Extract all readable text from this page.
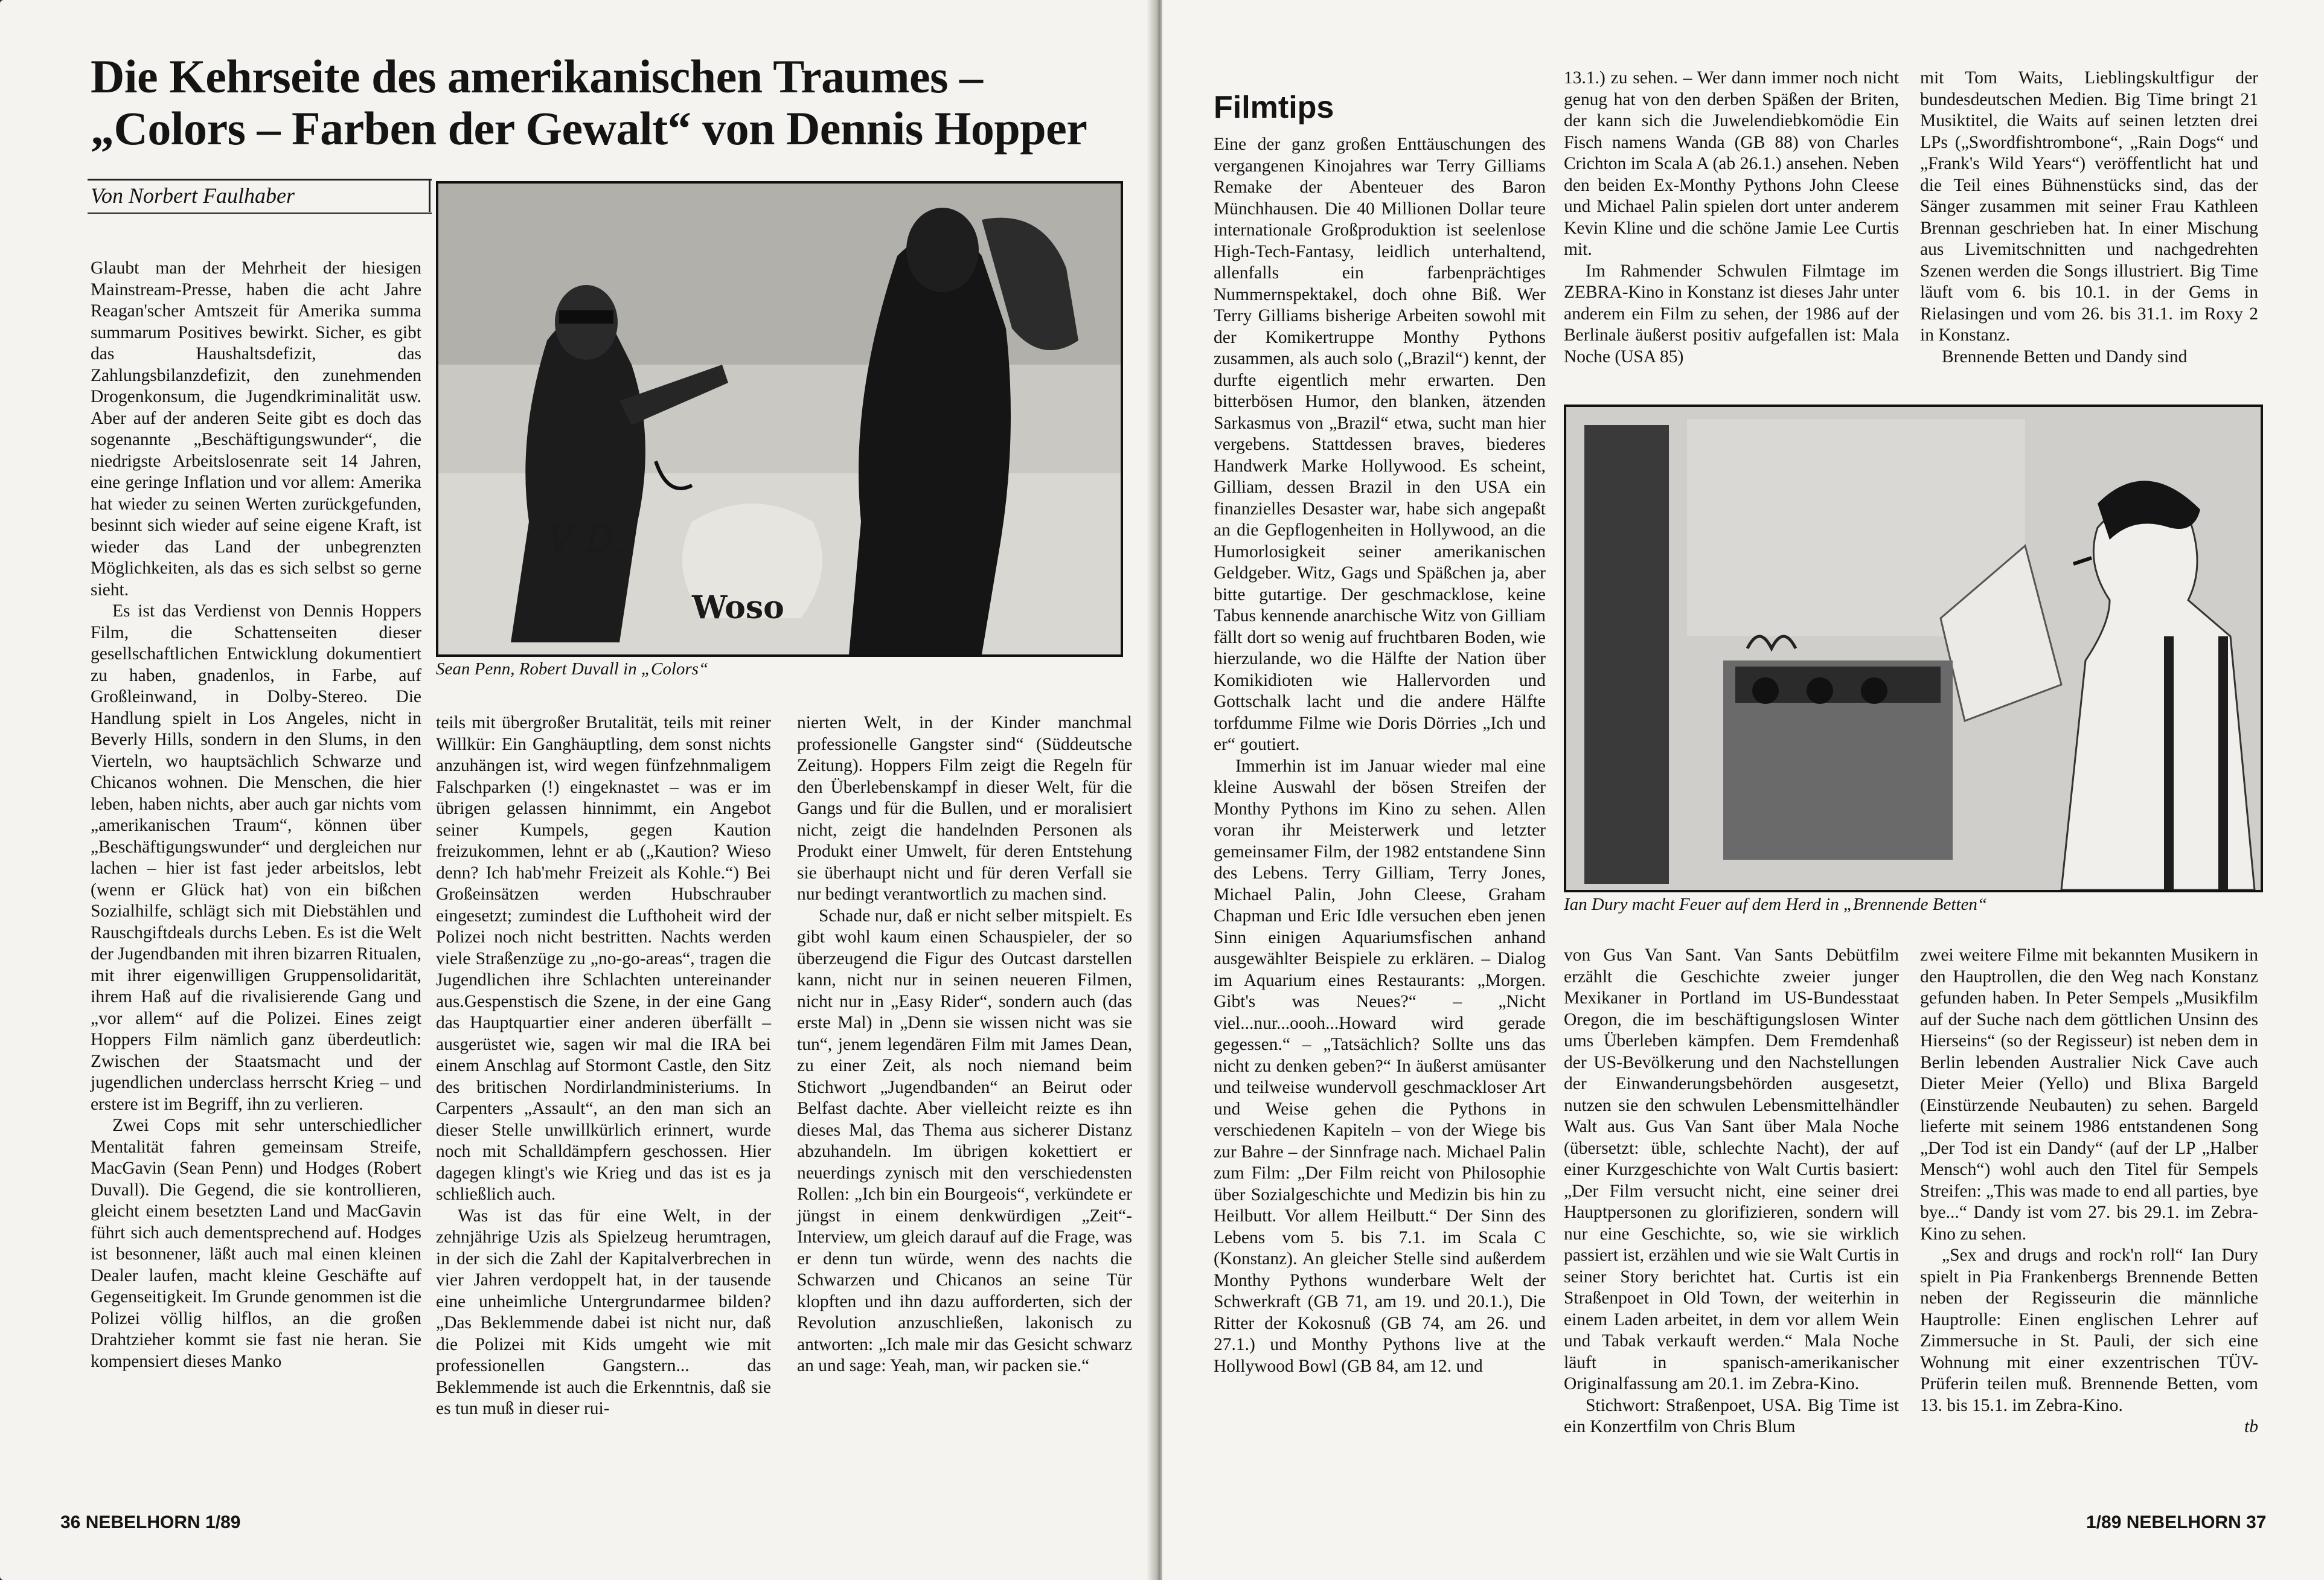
Die Kehrseite des amerikanischen Traumes –
„Colors – Farben der Gewalt“ von Dennis Hopper

Von Norbert Faulhaber

V D,
Woso
Sean Penn, Robert Duvall in „Colors“

Glaubt man der Mehrheit der hiesigen Mainstream-Presse, haben die acht Jahre Reagan'scher Amtszeit für Amerika summa summarum Positives bewirkt. Sicher, es gibt das Haushaltsdefizit, das Zahlungsbilanzdefizit, den zunehmenden Drogenkonsum, die Jugendkriminalität usw. Aber auf der anderen Seite gibt es doch das sogenannte „Beschäftigungswunder“, die niedrigste Arbeitslosenrate seit 14 Jahren, eine geringe Inflation und vor allem: Amerika hat wieder zu seinen Werten zurückgefunden, besinnt sich wieder auf seine eigene Kraft, ist wieder das Land der unbegrenzten Möglichkeiten, als das es sich selbst so gerne sieht.

Es ist das Verdienst von Dennis Hoppers Film, die Schattenseiten dieser gesellschaftlichen Entwicklung dokumentiert zu haben, gnadenlos, in Farbe, auf Großleinwand, in Dolby-Stereo. Die Handlung spielt in Los Angeles, nicht in Beverly Hills, sondern in den Slums, in den Vierteln, wo hauptsächlich Schwarze und Chicanos wohnen. Die Menschen, die hier leben, haben nichts, aber auch gar nichts vom „amerikanischen Traum“, können über „Beschäftigungswunder“ und dergleichen nur lachen – hier ist fast jeder arbeitslos, lebt (wenn er Glück hat) von ein bißchen Sozialhilfe, schlägt sich mit Diebstählen und Rauschgiftdeals durchs Leben. Es ist die Welt der Jugendbanden mit ihren bizarren Ritualen, mit ihrer eigenwilligen Gruppensolidarität, ihrem Haß auf die rivalisierende Gang und „vor allem“ auf die Polizei. Eines zeigt Hoppers Film nämlich ganz überdeutlich: Zwischen der Staatsmacht und der jugendlichen underclass herrscht Krieg – und erstere ist im Begriff, ihn zu verlieren.

Zwei Cops mit sehr unterschiedlicher Mentalität fahren gemeinsam Streife, MacGavin (Sean Penn) und Hodges (Robert Duvall). Die Gegend, die sie kontrollieren, gleicht einem besetzten Land und MacGavin führt sich auch dementsprechend auf. Hodges ist besonnener, läßt auch mal einen kleinen Dealer laufen, macht kleine Geschäfte auf Gegenseitigkeit. Im Grunde genommen ist die Polizei völlig hilflos, an die großen Drahtzieher kommt sie fast nie heran. Sie kompensiert dieses Manko

teils mit übergroßer Brutalität, teils mit reiner Willkür: Ein Ganghäuptling, dem sonst nichts anzuhängen ist, wird wegen fünfzehnmaligem Falschparken (!) eingeknastet – was er im übrigen gelassen hinnimmt, ein Angebot seiner Kumpels, gegen Kaution freizukommen, lehnt er ab („Kaution? Wieso denn? Ich hab'mehr Freizeit als Kohle.“) Bei Großeinsätzen werden Hubschrauber eingesetzt; zumindest die Lufthoheit wird der Polizei noch nicht bestritten. Nachts werden viele Straßenzüge zu „no-go-areas“, tragen die Jugendlichen ihre Schlachten untereinander aus.Gespenstisch die Szene, in der eine Gang das Hauptquartier einer anderen überfällt – ausgerüstet wie, sagen wir mal die IRA bei einem Anschlag auf Stormont Castle, den Sitz des britischen Nordirlandministeriums. In Carpenters „Assault“, an den man sich an dieser Stelle unwillkürlich erinnert, wurde noch mit Schalldämpfern geschossen. Hier dagegen klingt's wie Krieg und das ist es ja schließlich auch.

Was ist das für eine Welt, in der zehnjährige Uzis als Spielzeug herumtragen, in der sich die Zahl der Kapitalverbrechen in vier Jahren verdoppelt hat, in der tausende eine unheimliche Untergrundarmee bilden? „Das Beklemmende dabei ist nicht nur, daß die Polizei mit Kids umgeht wie mit professionellen Gangstern... das Beklemmende ist auch die Erkenntnis, daß sie es tun muß in dieser rui-

nierten Welt, in der Kinder manchmal professionelle Gangster sind“ (Süddeutsche Zeitung). Hoppers Film zeigt die Regeln für den Überlebenskampf in dieser Welt, für die Gangs und für die Bullen, und er moralisiert nicht, zeigt die handelnden Personen als Produkt einer Umwelt, für deren Entstehung sie überhaupt nicht und für deren Verfall sie nur bedingt verantwortlich zu machen sind.

Schade nur, daß er nicht selber mitspielt. Es gibt wohl kaum einen Schauspieler, der so überzeugend die Figur des Outcast darstellen kann, nicht nur in seinen neueren Filmen, nicht nur in „Easy Rider“, sondern auch (das erste Mal) in „Denn sie wissen nicht was sie tun“, jenem legendären Film mit James Dean, zu einer Zeit, als noch niemand beim Stichwort „Jugendbanden“ an Beirut oder Belfast dachte. Aber vielleicht reizte es ihn dieses Mal, das Thema aus sicherer Distanz abzuhandeln. Im übrigen kokettiert er neuerdings zynisch mit den verschiedensten Rollen: „Ich bin ein Bourgeois“, verkündete er jüngst in einem denkwürdigen „Zeit“-Interview, um gleich darauf auf die Frage, was er denn tun würde, wenn des nachts die Schwarzen und Chicanos an seine Tür klopften und ihn dazu aufforderten, sich der Revolution anzuschließen, lakonisch zu antworten: „Ich male mir das Gesicht schwarz an und sage: Yeah, man, wir packen sie.“

36 NEBELHORN 1/89
Filmtips

Eine der ganz großen Enttäuschungen des vergangenen Kinojahres war Terry Gilliams Remake der Abenteuer des Baron Münchhausen. Die 40 Millionen Dollar teure internationale Großproduktion ist seelenlose High-Tech-Fantasy, leidlich unterhaltend, allenfalls ein farbenprächtiges Nummernspektakel, doch ohne Biß. Wer Terry Gilliams bisherige Arbeiten sowohl mit der Komikertruppe Monthy Pythons zusammen, als auch solo („Brazil“) kennt, der durfte eigentlich mehr erwarten. Den bitterbösen Humor, den blanken, ätzenden Sarkasmus von „Brazil“ etwa, sucht man hier vergebens. Stattdessen braves, biederes Handwerk Marke Hollywood. Es scheint, Gilliam, dessen Brazil in den USA ein finanzielles Desaster war, habe sich angepaßt an die Gepflogenheiten in Hollywood, an die Humorlosigkeit seiner amerikanischen Geldgeber. Witz, Gags und Späßchen ja, aber bitte gutartige. Der geschmacklose, keine Tabus kennende anarchische Witz von Gilliam fällt dort so wenig auf fruchtbaren Boden, wie hierzulande, wo die Hälfte der Nation über Komikidioten wie Hallervorden und Gottschalk lacht und die andere Hälfte torfdumme Filme wie Doris Dörries „Ich und er“ goutiert.

Immerhin ist im Januar wieder mal eine kleine Auswahl der bösen Streifen der Monthy Pythons im Kino zu sehen. Allen voran ihr Meisterwerk und letzter gemeinsamer Film, der 1982 entstandene Sinn des Lebens. Terry Gilliam, Terry Jones, Michael Palin, John Cleese, Graham Chapman und Eric Idle versuchen eben jenen Sinn einigen Aquariumsfischen anhand ausgewählter Beispiele zu erklären. – Dialog im Aquarium eines Restaurants: „Morgen. Gibt's was Neues?“ – „Nicht viel...nur...oooh...Howard wird gerade gegessen.“ – „Tatsächlich? Sollte uns das nicht zu denken geben?“ In äußerst amüsanter und teilweise wundervoll geschmackloser Art und Weise gehen die Pythons in verschiedenen Kapiteln – von der Wiege bis zur Bahre – der Sinnfrage nach. Michael Palin zum Film: „Der Film reicht von Philosophie über Sozialgeschichte und Medizin bis hin zu Heilbutt. Vor allem Heilbutt.“ Der Sinn des Lebens vom 5. bis 7.1. im Scala C (Konstanz). An gleicher Stelle sind außerdem Monthy Pythons wunderbare Welt der Schwerkraft (GB 71, am 19. und 20.1.), Die Ritter der Kokosnuß (GB 74, am 26. und 27.1.) und Monthy Pythons live at the Hollywood Bowl (GB 84, am 12. und

13.1.) zu sehen. – Wer dann immer noch nicht genug hat von den derben Späßen der Briten, der kann sich die Juwelendiebkomödie Ein Fisch namens Wanda (GB 88) von Charles Crichton im Scala A (ab 26.1.) ansehen. Neben den beiden Ex-Monthy Pythons John Cleese und Michael Palin spielen dort unter anderem Kevin Kline und die schöne Jamie Lee Curtis mit.

Im Rahmender Schwulen Filmtage im ZEBRA-Kino in Konstanz ist dieses Jahr unter anderem ein Film zu sehen, der 1986 auf der Berlinale äußerst positiv aufgefallen ist: Mala Noche (USA 85)

mit Tom Waits, Lieblingskultfigur der bundesdeutschen Medien. Big Time bringt 21 Musiktitel, die Waits auf seinen letzten drei LPs („Swordfishtrombone“, „Rain Dogs“ und „Frank's Wild Years“) veröffentlicht hat und die Teil eines Bühnenstücks sind, das der Sänger zusammen mit seiner Frau Kathleen Brennan geschrieben hat. In einer Mischung aus Livemitschnitten und nachgedrehten Szenen werden die Songs illustriert. Big Time läuft vom 6. bis 10.1. in der Gems in Rielasingen und vom 26. bis 31.1. im Roxy 2 in Konstanz.

Brennende Betten und Dandy sind

Ian Dury macht Feuer auf dem Herd in „Brennende Betten“

von Gus Van Sant. Van Sants Debütfilm erzählt die Geschichte zweier junger Mexikaner in Portland im US-Bundesstaat Oregon, die im beschäftigungslosen Winter ums Überleben kämpfen. Dem Fremdenhaß der US-Bevölkerung und den Nachstellungen der Einwanderungsbehörden ausgesetzt, nutzen sie den schwulen Lebensmittelhändler Walt aus. Gus Van Sant über Mala Noche (übersetzt: üble, schlechte Nacht), der auf einer Kurzgeschichte von Walt Curtis basiert: „Der Film versucht nicht, eine seiner drei Hauptpersonen zu glorifizieren, sondern will nur eine Geschichte, so, wie sie wirklich passiert ist, erzählen und wie sie Walt Curtis in seiner Story berichtet hat. Curtis ist ein Straßenpoet in Old Town, der weiterhin in einem Laden arbeitet, in dem vor allem Wein und Tabak verkauft werden.“ Mala Noche läuft in spanisch-amerikanischer Originalfassung am 20.1. im Zebra-Kino.

Stichwort: Straßenpoet, USA. Big Time ist ein Konzertfilm von Chris Blum

zwei weitere Filme mit bekannten Musikern in den Hauptrollen, die den Weg nach Konstanz gefunden haben. In Peter Sempels „Musikfilm auf der Suche nach dem göttlichen Unsinn des Hierseins“ (so der Regisseur) ist neben dem in Berlin lebenden Australier Nick Cave auch Dieter Meier (Yello) und Blixa Bargeld (Einstürzende Neubauten) zu sehen. Bargeld lieferte mit seinem 1986 entstandenen Song „Der Tod ist ein Dandy“ (auf der LP „Halber Mensch“) wohl auch den Titel für Sempels Streifen: „This was made to end all parties, bye bye...“ Dandy ist vom 27. bis 29.1. im Zebra-Kino zu sehen.

„Sex and drugs and rock'n roll“ Ian Dury spielt in Pia Frankenbergs Brennende Betten neben der Regisseurin die männliche Hauptrolle: Einen englischen Lehrer auf Zimmersuche in St. Pauli, der sich eine Wohnung mit einer exzentrischen TÜV-Prüferin teilen muß. Brennende Betten, vom 13. bis 15.1. im Zebra-Kino.

tb
1/89 NEBELHORN 37
